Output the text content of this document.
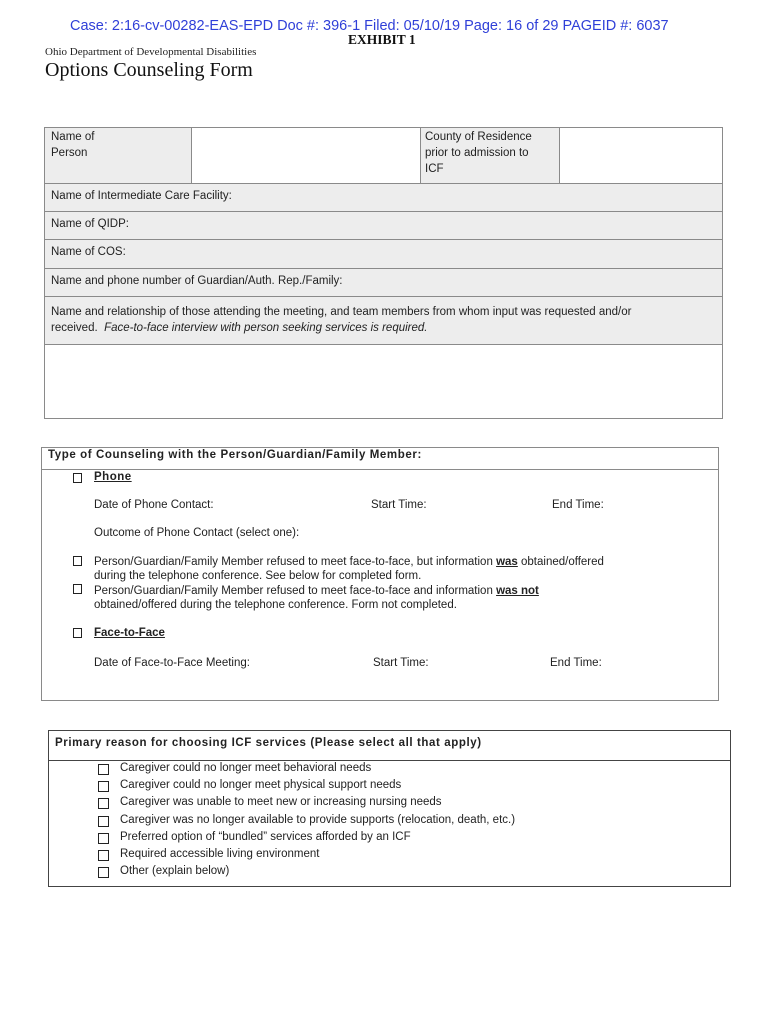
Case: 2:16-cv-00282-EAS-EPD Doc #: 396-1 Filed: 05/10/19 Page: 16 of 29 PAGEID #: 6037
EXHIBIT 1
Ohio Department of Developmental Disabilities
Options Counseling Form
Name of
Person
County of Residence
prior to admission to
ICF
Name of Intermediate Care Facility:
Name of QIDP:
Name of COS:
Name and phone number of Guardian/Auth. Rep./Family:
Name and relationship of those attending the meeting, and team members from whom input was requested and/or
received. Face-to-face interview with person seeking services is required.
Type of Counseling with the Person/Guardian/Family Member:
Phone
Date of Phone Contact:	Start Time:	End Time:
Outcome of Phone Contact (select one):
Person/Guardian/Family Member refused to meet face-to-face, but information was obtained/offered
during the telephone conference. See below for completed form.
Person/Guardian/Family Member refused to meet face-to-face and information was not
obtained/offered during the telephone conference. Form not completed.
Face-to-Face
Date of Face-to-Face Meeting:	Start Time:	End Time:
Primary reason for choosing ICF services (Please select all that apply)
Caregiver could no longer meet behavioral needs
Caregiver could no longer meet physical support needs
Caregiver was unable to meet new or increasing nursing needs
Caregiver was no longer available to provide supports (relocation, death, etc.)
Preferred option of “bundled” services afforded by an ICF
Required accessible living environment
Other (explain below)
